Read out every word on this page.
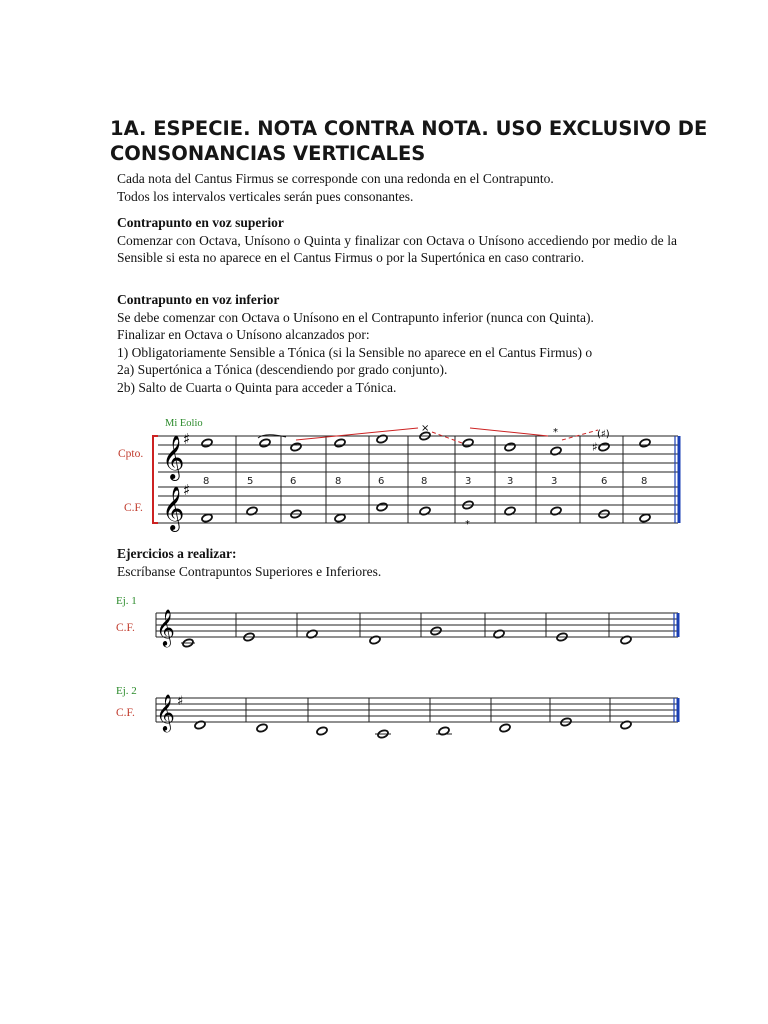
1A. ESPECIE. NOTA CONTRA NOTA. USO EXCLUSIVO DE
CONSONANCIAS VERTICALES
Cada nota del Cantus Firmus se corresponde con una redonda en el Contrapunto.
Todos los intervalos verticales serán pues consonantes.
Contrapunto en voz superior
Comenzar con Octava, Unísono o Quinta y finalizar con Octava o Unísono accediendo por medio de la Sensible si esta no aparece en el Cantus Firmus o por la Supertónica en caso contrario.
Contrapunto en voz inferior
Se debe comenzar con Octava o Unísono en el Contrapunto inferior (nunca con Quinta).
Finalizar en Octava o Unísono alcanzados por:
1) Obligatoriamente Sensible a Tónica (si la Sensible no aparece en el Cantus Firmus) o
2a) Supertónica a Tónica (descendiendo por grado conjunto).
2b) Salto de Cuarta o Quinta para acceder a Tónica.
Ejercicios a realizar:
Escríbanse Contrapuntos Superiores e Inferiores.
Mi Eolio
Cpto.
C.F.
𝄞
𝄞
♯
♯
×	*	(♯)
♯
8	5	6	8	6	8	3	3	3	6	8
*
Ej. 1
C.F. 𝄞
Ej. 2
C.F. 𝄞 ♯
